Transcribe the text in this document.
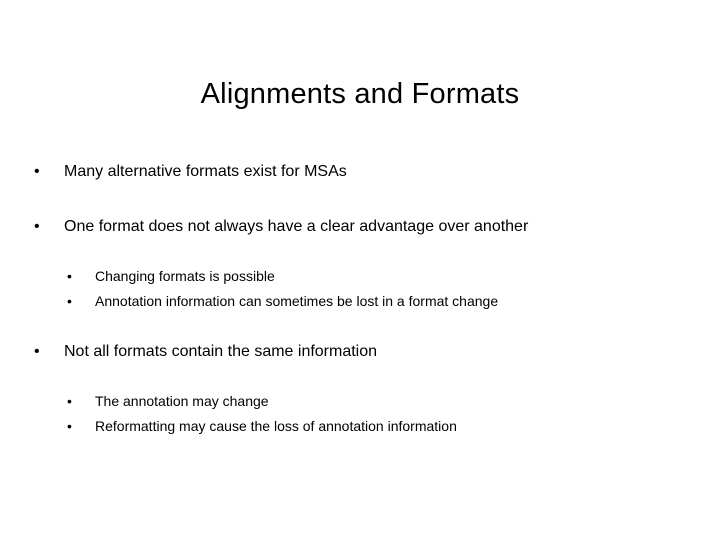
Alignments and Formats
• Many alternative formats exist for MSAs
• One format does not always have a clear advantage over another
• Changing formats is possible
• Annotation information can sometimes be lost in a format change
• Not all formats contain the same information
• The annotation may change
• Reformatting may cause the loss of annotation information
